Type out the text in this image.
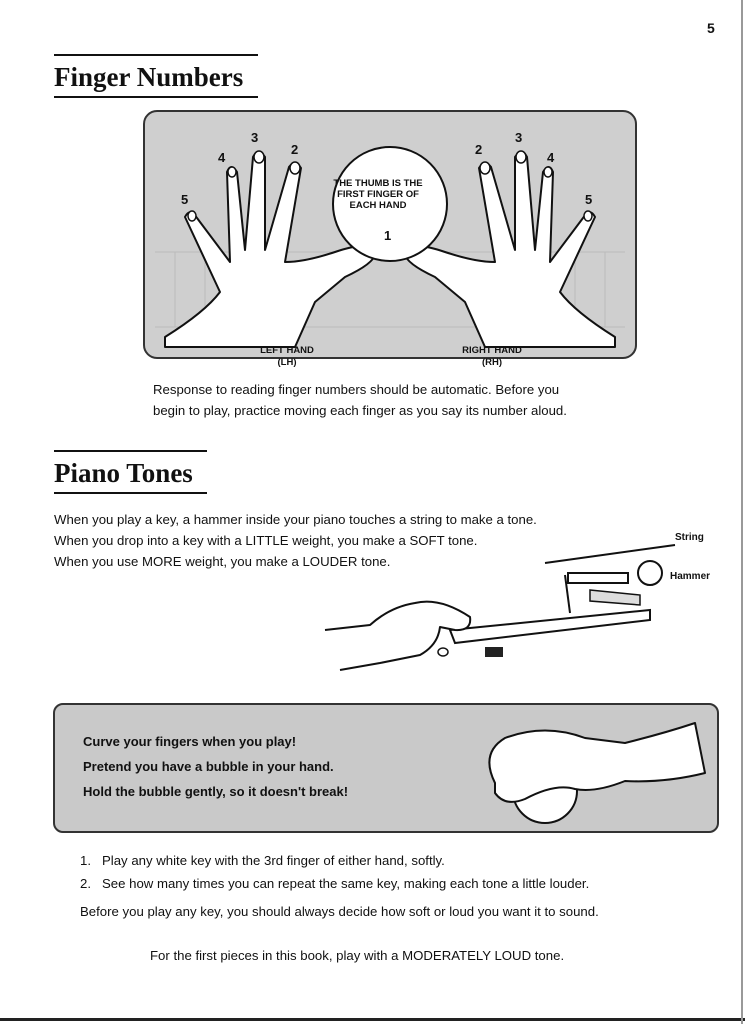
5
Finger Numbers
5
4
3
2	2
3
4
5
1
THE THUMB IS THE FIRST FINGER OF EACH HAND
LEFT HAND
(LH)
RIGHT HAND
(RH)
Response to reading finger numbers should be automatic. Before you
begin to play, practice moving each finger as you say its number aloud.
Piano Tones
When you play a key, a hammer inside your piano touches a string to make a tone.
When you drop into a key with a LITTLE weight, you make a SOFT tone.
When you use MORE weight, you make a LOUDER tone.
String
Hammer
Curve your fingers when you play!
Pretend you have a bubble in your hand.
Hold the bubble gently, so it doesn't break!
1. Play any white key with the 3rd finger of either hand, softly.
2. See how many times you can repeat the same key, making each tone a little louder.
Before you play any key, you should always decide how soft or loud you want it to sound.
For the first pieces in this book, play with a MODERATELY LOUD tone.
